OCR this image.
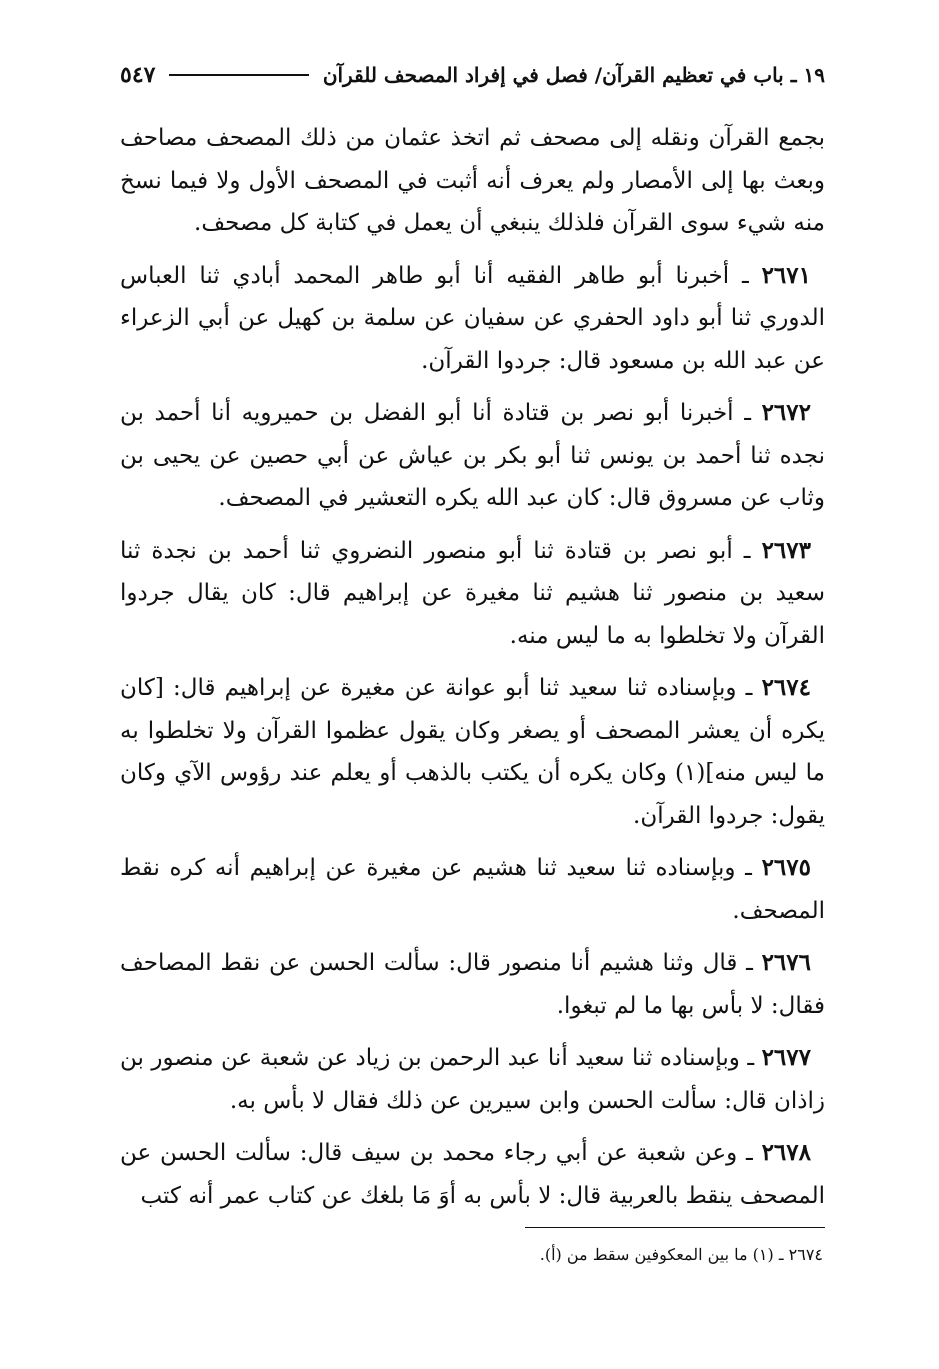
١٩ ـ باب في تعظيم القرآن/ فصل في إفراد المصحف للقرآن
٥٤٧

بجمع القرآن ونقله إلى مصحف ثم اتخذ عثمان من ذلك المصحف مصاحف وبعث بها إلى الأمصار ولم يعرف أنه أثبت في المصحف الأول ولا فيما نسخ منه شيء سوى القرآن فلذلك ينبغي أن يعمل في كتابة كل مصحف.

٢٦٧١ ـ أخبرنا أبو طاهر الفقيه أنا أبو طاهر المحمد أبادي ثنا العباس الدوري ثنا أبو داود الحفري عن سفيان عن سلمة بن كهيل عن أبي الزعراء عن عبد الله بن مسعود قال: جردوا القرآن.

٢٦٧٢ ـ أخبرنا أبو نصر بن قتادة أنا أبو الفضل بن حميرويه أنا أحمد بن نجده ثنا أحمد بن يونس ثنا أبو بكر بن عياش عن أبي حصين عن يحيى بن وثاب عن مسروق قال: كان عبد الله يكره التعشير في المصحف.

٢٦٧٣ ـ أبو نصر بن قتادة ثنا أبو منصور النضروي ثنا أحمد بن نجدة ثنا سعيد بن منصور ثنا هشيم ثنا مغيرة عن إبراهيم قال: كان يقال جردوا القرآن ولا تخلطوا به ما ليس منه.

٢٦٧٤ ـ وبإسناده ثنا سعيد ثنا أبو عوانة عن مغيرة عن إبراهيم قال: [كان يكره أن يعشر المصحف أو يصغر وكان يقول عظموا القرآن ولا تخلطوا به ما ليس منه](١) وكان يكره أن يكتب بالذهب أو يعلم عند رؤوس الآي وكان يقول: جردوا القرآن.

٢٦٧٥ ـ وبإسناده ثنا سعيد ثنا هشيم عن مغيرة عن إبراهيم أنه كره نقط المصحف.

٢٦٧٦ ـ قال وثنا هشيم أنا منصور قال: سألت الحسن عن نقط المصاحف فقال: لا بأس بها ما لم تبغوا.

٢٦٧٧ ـ وبإسناده ثنا سعيد أنا عبد الرحمن بن زياد عن شعبة عن منصور بن زاذان قال: سألت الحسن وابن سيرين عن ذلك فقال لا بأس به.

٢٦٧٨ ـ وعن شعبة عن أبي رجاء محمد بن سيف قال: سألت الحسن عن المصحف ينقط بالعربية قال: لا بأس به أوَ مَا بلغك عن كتاب عمر أنه كتب

٢٦٧٤ ـ (١) ما بين المعكوفين سقط من (أ).
